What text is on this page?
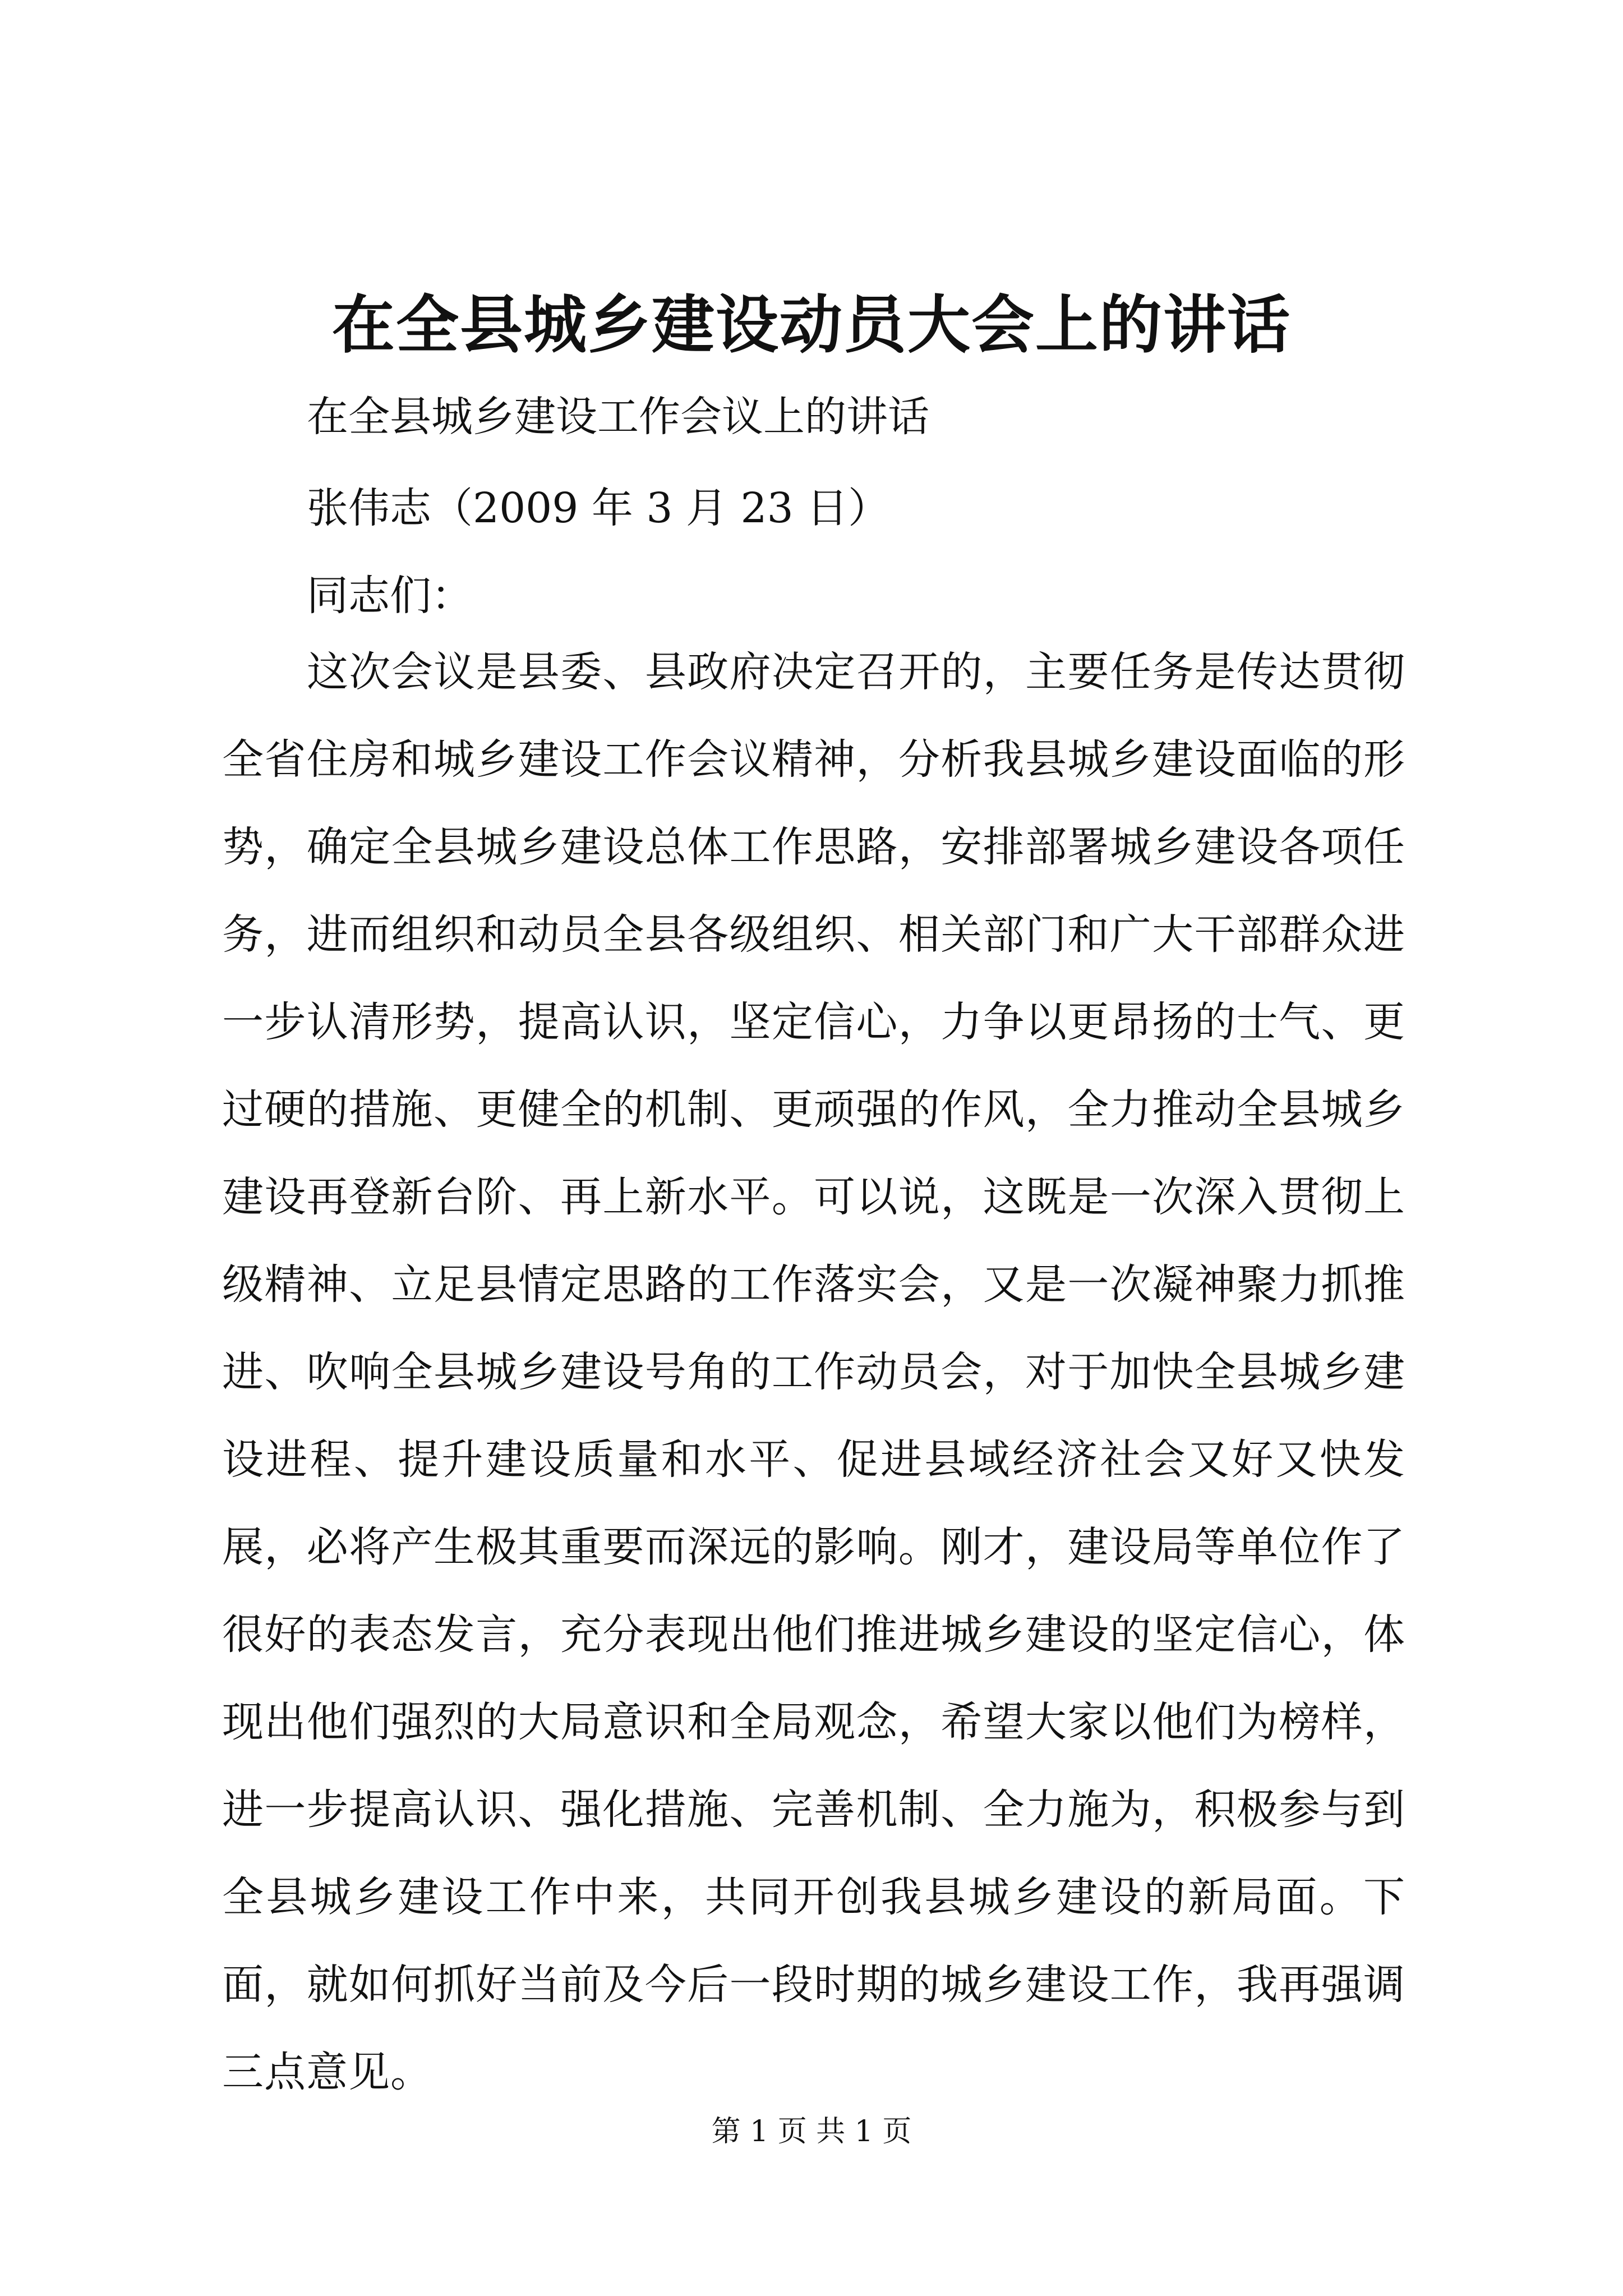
在全县城乡建设动员大会上的讲话

在全县城乡建设工作会议上的讲话

张伟志（2009 年 3 月 23 日）

同志们：

这次会议是县委、县政府决定召开的，主要任务是传达贯彻全省住房和城乡建设工作会议精神，分析我县城乡建设面临的形势，确定全县城乡建设总体工作思路，安排部署城乡建设各项任务，进而组织和动员全县各级组织、相关部门和广大干部群众进一步认清形势，提高认识，坚定信心，力争以更昂扬的士气、更过硬的措施、更健全的机制、更顽强的作风，全力推动全县城乡建设再登新台阶、再上新水平。可以说，这既是一次深入贯彻上级精神、立足县情定思路的工作落实会，又是一次凝神聚力抓推进、吹响全县城乡建设号角的工作动员会，对于加快全县城乡建设进程、提升建设质量和水平、促进县域经济社会又好又快发展，必将产生极其重要而深远的影响。刚才，建设局等单位作了很好的表态发言，充分表现出他们推进城乡建设的坚定信心，体现出他们强烈的大局意识和全局观念，希望大家以他们为榜样，进一步提高认识、强化措施、完善机制、全力施为，积极参与到全县城乡建设工作中来，共同开创我县城乡建设的新局面。下面，就如何抓好当前及今后一段时期的城乡建设工作，我再强调三点意见。

第 1 页 共 1 页
